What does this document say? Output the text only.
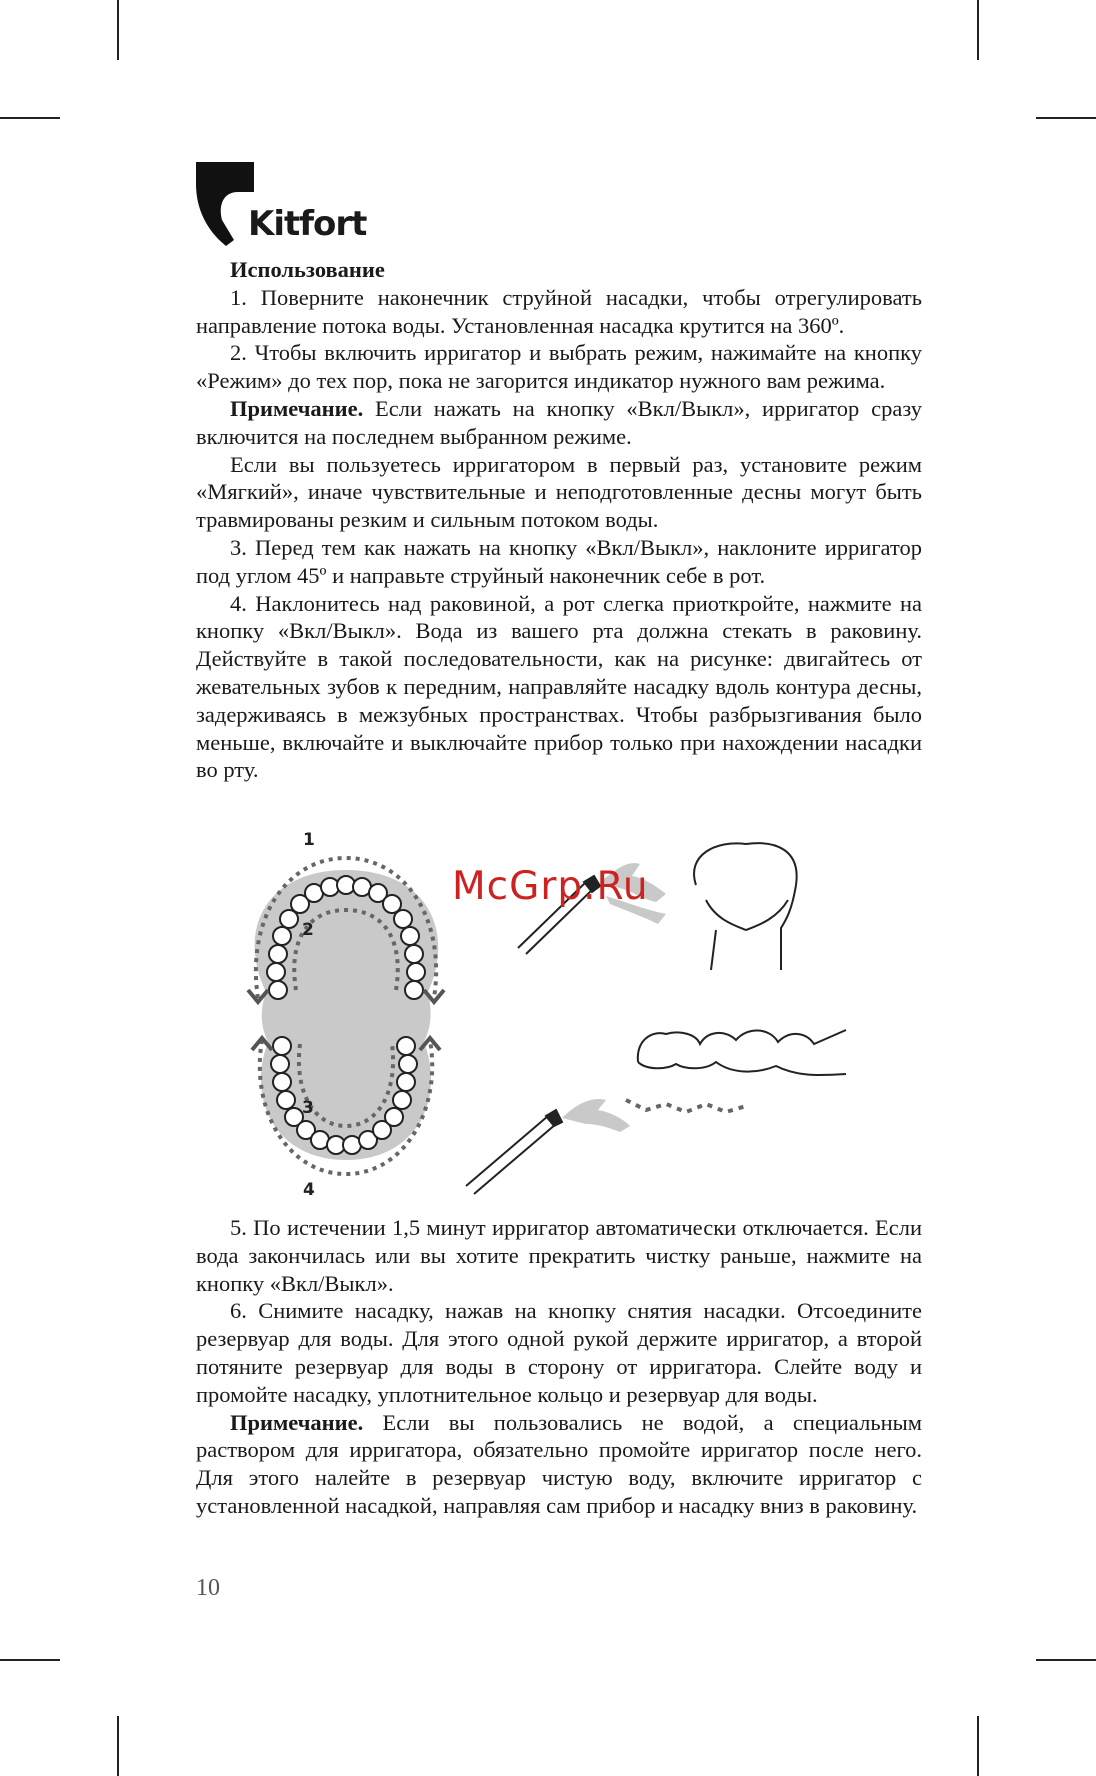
Kitfort

Использование

1. Поверните наконечник струйной насадки, чтобы отрегулировать направление потока воды. Установленная насадка крутится на 360º.

2. Чтобы включить ирригатор и выбрать режим, нажимайте на кнопку «Режим» до тех пор, пока не загорится индикатор нужного вам режима.

Примечание. Если нажать на кнопку «Вкл/Выкл», ирригатор сразу включится на последнем выбранном режиме.

Если вы пользуетесь ирригатором в первый раз, установите режим «Мягкий», иначе чувствительные и неподготовленные десны могут быть травмированы резким и сильным потоком воды.

3. Перед тем как нажать на кнопку «Вкл/Выкл», наклоните ирригатор под углом 45º и направьте струйный наконечник себе в рот.

4. Наклонитесь над раковиной, а рот слегка приоткройте, нажмите на кнопку «Вкл/Выкл». Вода из вашего рта должна стекать в раковину. Действуйте в такой последовательности, как на рисунке: двигайтесь от жевательных зубов к передним, направляйте насадку вдоль контура десны, задерживаясь в межзубных пространствах. Чтобы разбрызгивания было меньше, включайте и выключайте прибор только при нахождении насадки во рту.

1
2
3
4
McGrp.Ru

5. По истечении 1,5 минут ирригатор автоматически отключается. Если вода закончилась или вы хотите прекратить чистку раньше, нажмите на кнопку «Вкл/Выкл».

6. Снимите насадку, нажав на кнопку снятия насадки. Отсоедините резервуар для воды. Для этого одной рукой держите ирригатор, а второй потяните резервуар для воды в сторону от ирригатора. Слейте воду и промойте насадку, уплотнительное кольцо и резервуар для воды.

Примечание. Если вы пользовались не водой, а специальным раствором для ирригатора, обязательно промойте ирригатор после него. Для этого налейте в резервуар чистую воду, включите ирригатор с установленной насадкой, направляя сам прибор и насадку вниз в раковину.

10
